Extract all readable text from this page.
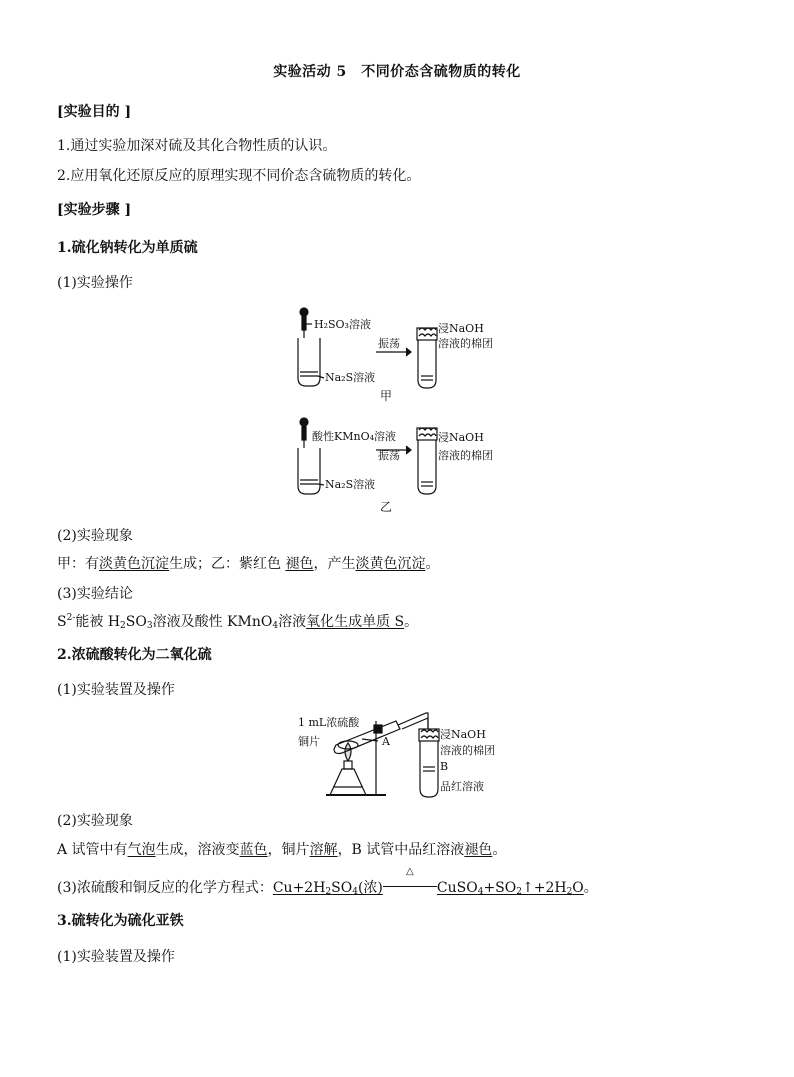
实验活动 5　不同价态含硫物质的转化
[实验目的 ]
1.通过实验加深对硫及其化合物性质的认识。
2.应用氧化还原反应的原理实现不同价态含硫物质的转化。
[实验步骤 ]
1.硫化钠转化为单质硫
(1)实验操作
H₂SO₃溶液
Na₂S溶液
振荡
浸NaOH
溶液的棉团
甲
酸性KMnO₄溶液
Na₂S溶液
振荡
浸NaOH
溶液的棉团
乙
(2)实验现象
甲：有淡黄色沉淀生成；乙：紫红色 褪色，产生淡黄色沉淀。
(3)实验结论
$S^{2-}$能被 $H_2SO_3$溶液及酸性 KMnO$_4$溶液氧化生成单质 S。
2.浓硫酸转化为二氧化硫
(1)实验装置及操作
1 mL浓硫酸
铜片	A
浸NaOH
溶液的棉团
B
品红溶液
(2)实验现象
A 试管中有气泡生成，溶液变蓝色，铜片溶解，B 试管中品红溶液褪色。
(3)浓硫酸和铜反应的化学方程式：$Cu+2H_2SO_4$(浓)
△
$CuSO_4+SO_2↑+2H_2O$。
3.硫转化为硫化亚铁
(1)实验装置及操作
